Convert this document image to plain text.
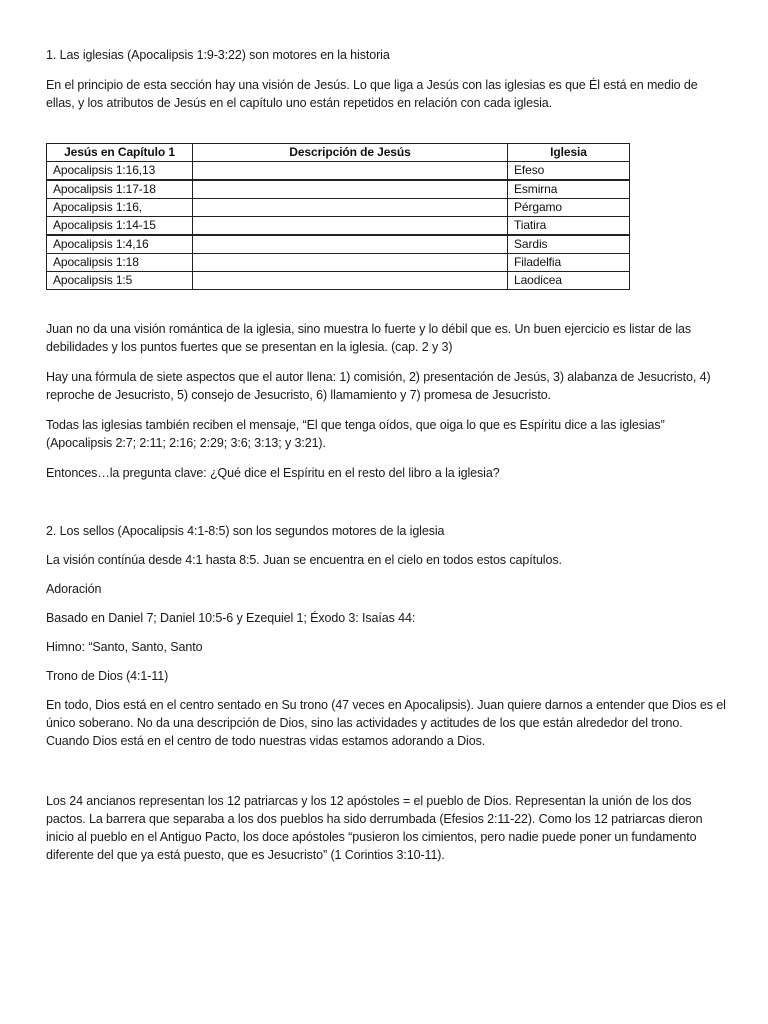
1. Las iglesias (Apocalipsis 1:9-3:22) son motores en la historia

En el principio de esta sección hay una visión de Jesús. Lo que liga a Jesús con las iglesias es que Él está en medio de ellas, y los atributos de Jesús en el capítulo uno están repetidos en relación con cada iglesia.

Jesús en Capítulo 1	Descripción de Jesús	Iglesia
Apocalipsis 1:16,13		Efeso
Apocalipsis 1:17-18		Esmirna
Apocalipsis 1:16,		Pérgamo
Apocalipsis 1:14-15		Tiatira
Apocalipsis 1:4,16		Sardis
Apocalipsis 1:18		Filadelfia
Apocalipsis 1:5		Laodicea

Juan no da una visión romántica de la iglesia, sino muestra lo fuerte y lo débil que es. Un buen ejercicio es listar de las debilidades y los puntos fuertes que se presentan en la iglesia. (cap. 2 y 3)

Hay una fórmula de siete aspectos que el autor llena: 1) comisión, 2) presentación de Jesús, 3) alabanza de Jesucristo, 4) reproche de Jesucristo, 5) consejo de Jesucristo, 6) llamamiento y 7) promesa de Jesucristo.

Todas las iglesias también reciben el mensaje, “El que tenga oídos, que oiga lo que es Espíritu dice a las iglesias” (Apocalipsis 2:7; 2:11; 2:16; 2:29; 3:6; 3:13; y 3:21).

Entonces…la pregunta clave: ¿Qué dice el Espíritu en el resto del libro a la iglesia?

2. Los sellos (Apocalipsis 4:1-8:5) son los segundos motores de la iglesia

La visión contínúa desde 4:1 hasta 8:5. Juan se encuentra en el cielo en todos estos capítulos.

Adoración

Basado en Daniel 7; Daniel 10:5-6 y Ezequiel 1; Éxodo 3: Isaías 44:

Himno: “Santo, Santo, Santo

Trono de Dios (4:1-11)

En todo, Dios está en el centro sentado en Su trono (47 veces en Apocalipsis). Juan quiere darnos a entender que Dios es el único soberano. No da una descripción de Dios, sino las actividades y actitudes de los que están alrededor del trono. Cuando Dios está en el centro de todo nuestras vidas estamos adorando a Dios.

Los 24 ancianos representan los 12 patriarcas y los 12 apóstoles = el pueblo de Dios. Representan la unión de los dos pactos. La barrera que separaba a los dos pueblos ha sido derrumbada (Efesios 2:11-22). Como los 12 patriarcas dieron inicio al pueblo en el Antiguo Pacto, los doce apóstoles “pusieron los cimientos, pero nadie puede poner un fundamento diferente del que ya está puesto, que es Jesucristo” (1 Corintios 3:10-11).
